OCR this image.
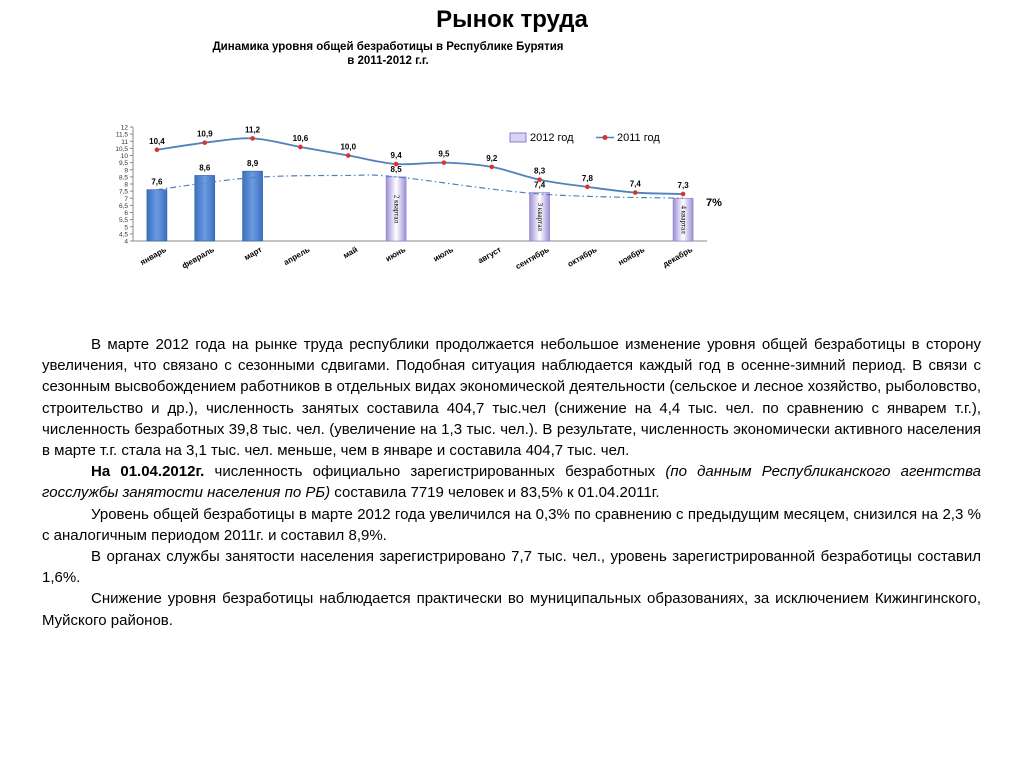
Рынок труда
Динамика уровня общей безработицы в Республике Бурятия
в 2011-2012 г.г.
4
4,5
5
5,5
6
6,5
7
7,5
8
8,5
9
9,5
10
10,5
11
11,5
12
январь февраль	март апрель	май	июнь	июль	август сентябрь октябрь ноябрь декабрь
7,6
8,6	8,9
2 квартал
8,5
3 квартал
7,4
4 квартал
10,4
10,9	11,2
10,6
10,0
9,4	9,5	9,2
8,3
7,8
7,4	7,3
2012 год	2011 год
7%

В марте 2012 года на рынке труда республики продолжается небольшое изменение уровня общей безработицы в сторону увеличения, что связано с сезонными сдвигами. Подобная ситуация наблюдается каждый год в осенне-зимний период. В связи с сезонным высвобождением работников в отдельных видах экономической деятельности (сельское и лесное хозяйство, рыболовство, строительство и др.), численность занятых составила 404,7 тыс.чел (снижение на 4,4 тыс. чел. по сравнению с январем т.г.), численность безработных 39,8 тыс. чел. (увеличение на 1,3 тыс. чел.). В результате, численность экономически активного населения в марте т.г. стала на 3,1 тыс. чел. меньше, чем в январе и составила 404,7 тыс. чел.

На 01.04.2012г. численность официально зарегистрированных безработных (по данным Республиканского агентства госслужбы занятости населения по РБ) составила 7719 человек и 83,5% к 01.04.2011г.

Уровень общей безработицы в марте 2012 года увеличился на 0,3% по сравнению с предыдущим месяцем, снизился на 2,3 % с аналогичным периодом 2011г. и составил 8,9%.

В органах службы занятости населения зарегистрировано 7,7 тыс. чел., уровень зарегистрированной безработицы составил 1,6%.

Снижение уровня безработицы наблюдается практически во муниципальных образованиях, за исключением Кижингинского, Муйского районов.
